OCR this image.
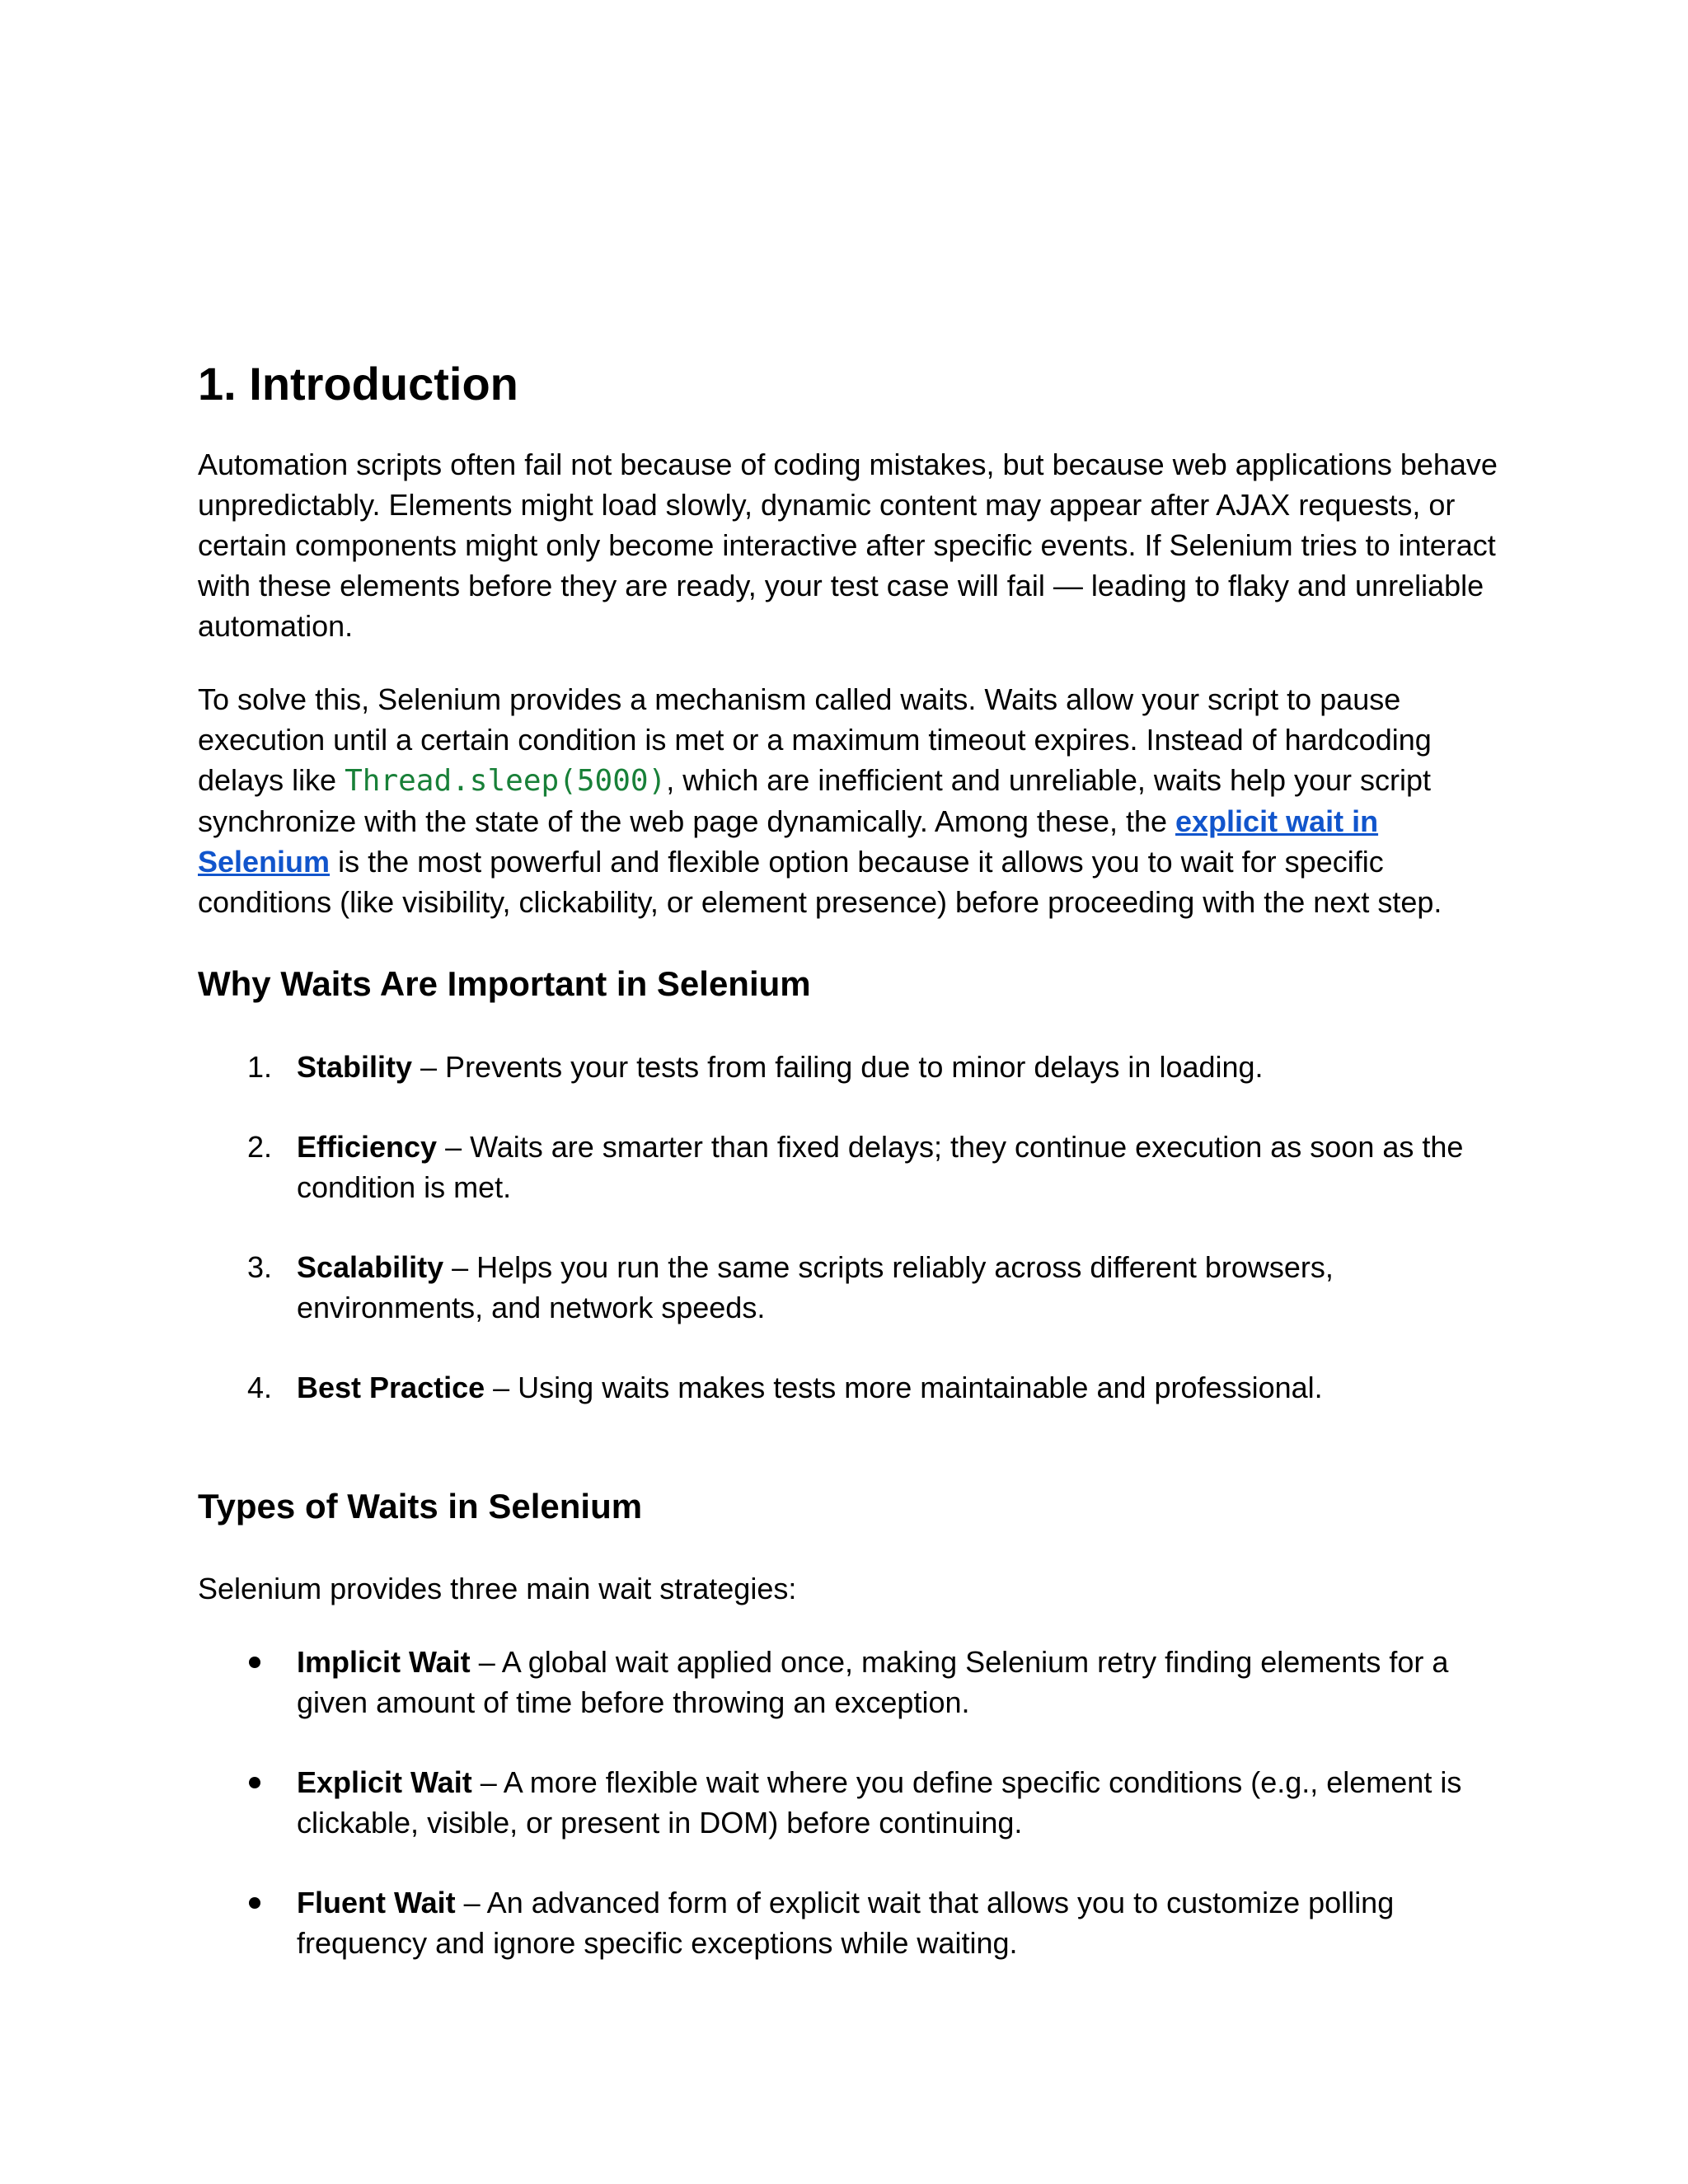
1. Introduction

Automation scripts often fail not because of coding mistakes, but because web applications behave unpredictably. Elements might load slowly, dynamic content may appear after AJAX requests, or certain components might only become interactive after specific events. If Selenium tries to interact with these elements before they are ready, your test case will fail — leading to flaky and unreliable automation.

To solve this, Selenium provides a mechanism called waits. Waits allow your script to pause execution until a certain condition is met or a maximum timeout expires. Instead of hardcoding delays like Thread.sleep(5000), which are inefficient and unreliable, waits help your script synchronize with the state of the web page dynamically. Among these, the explicit wait in Selenium is the most powerful and flexible option because it allows you to wait for specific conditions (like visibility, clickability, or element presence) before proceeding with the next step.

Why Waits Are Important in Selenium
1. Stability – Prevents your tests from failing due to minor delays in loading.
2. Efficiency – Waits are smarter than fixed delays; they continue execution as soon as the condition is met.
3. Scalability – Helps you run the same scripts reliably across different browsers, environments, and network speeds.
4. Best Practice – Using waits makes tests more maintainable and professional.
Types of Waits in Selenium

Selenium provides three main wait strategies:

Implicit Wait – A global wait applied once, making Selenium retry finding elements for a given amount of time before throwing an exception.
Explicit Wait – A more flexible wait where you define specific conditions (e.g., element is clickable, visible, or present in DOM) before continuing.
Fluent Wait – An advanced form of explicit wait that allows you to customize polling frequency and ignore specific exceptions while waiting.
